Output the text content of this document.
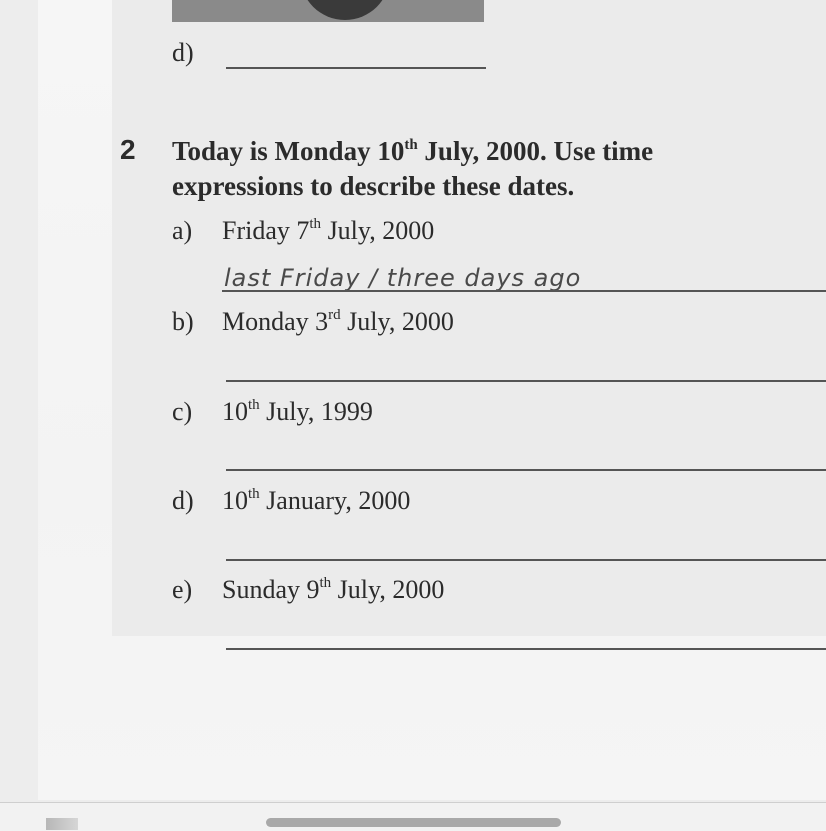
d)
2 Today is Monday 10th July, 2000. Use time
expressions to describe these dates.
a) Friday 7th July, 2000
last Friday / three days ago
b) Monday 3rd July, 2000
c) 10th July, 1999
d) 10th January, 2000
e) Sunday 9th July, 2000
